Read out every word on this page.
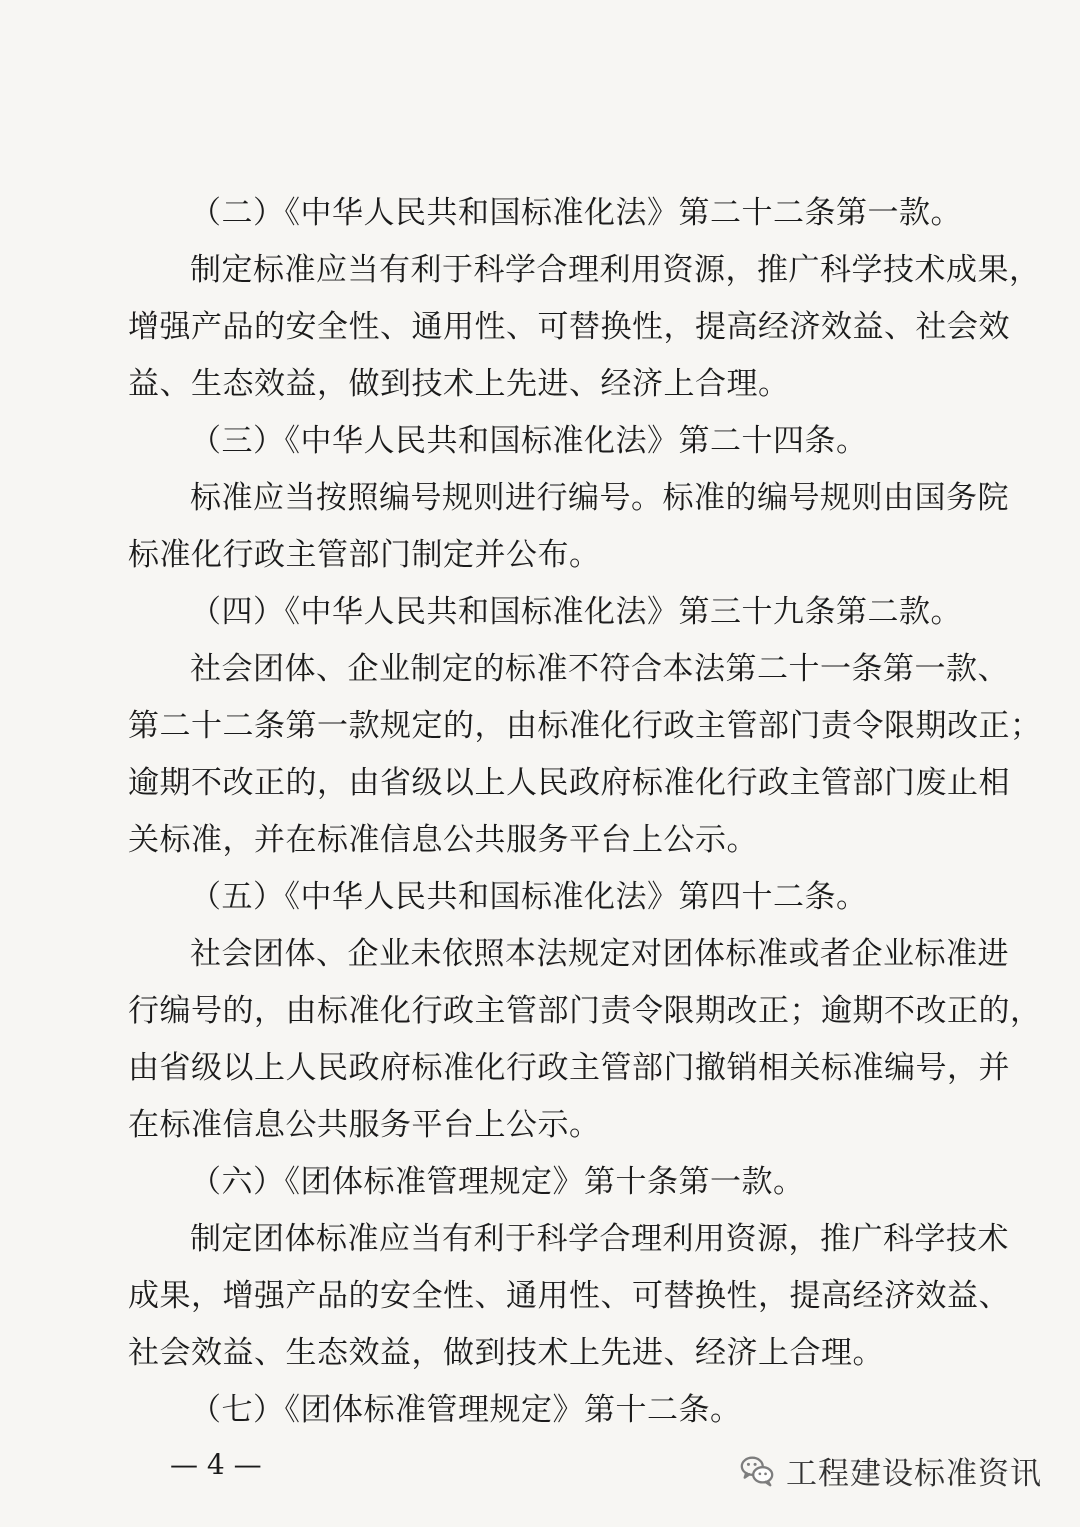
（二）《中华人民共和国标准化法》第二十二条第一款。
制定标准应当有利于科学合理利用资源，推广科学技术成果，
增强产品的安全性、通用性、可替换性，提高经济效益、社会效
益、生态效益，做到技术上先进、经济上合理。
（三）《中华人民共和国标准化法》第二十四条。
标准应当按照编号规则进行编号。标准的编号规则由国务院
标准化行政主管部门制定并公布。
（四）《中华人民共和国标准化法》第三十九条第二款。
社会团体、企业制定的标准不符合本法第二十一条第一款、
第二十二条第一款规定的，由标准化行政主管部门责令限期改正；
逾期不改正的，由省级以上人民政府标准化行政主管部门废止相
关标准，并在标准信息公共服务平台上公示。
（五）《中华人民共和国标准化法》第四十二条。
社会团体、企业未依照本法规定对团体标准或者企业标准进
行编号的，由标准化行政主管部门责令限期改正；逾期不改正的，
由省级以上人民政府标准化行政主管部门撤销相关标准编号，并
在标准信息公共服务平台上公示。
（六）《团体标准管理规定》第十条第一款。
制定团体标准应当有利于科学合理利用资源，推广科学技术
成果，增强产品的安全性、通用性、可替换性，提高经济效益、
社会效益、生态效益，做到技术上先进、经济上合理。
（七）《团体标准管理规定》第十二条。
— 4 —	工程建设标准资讯
